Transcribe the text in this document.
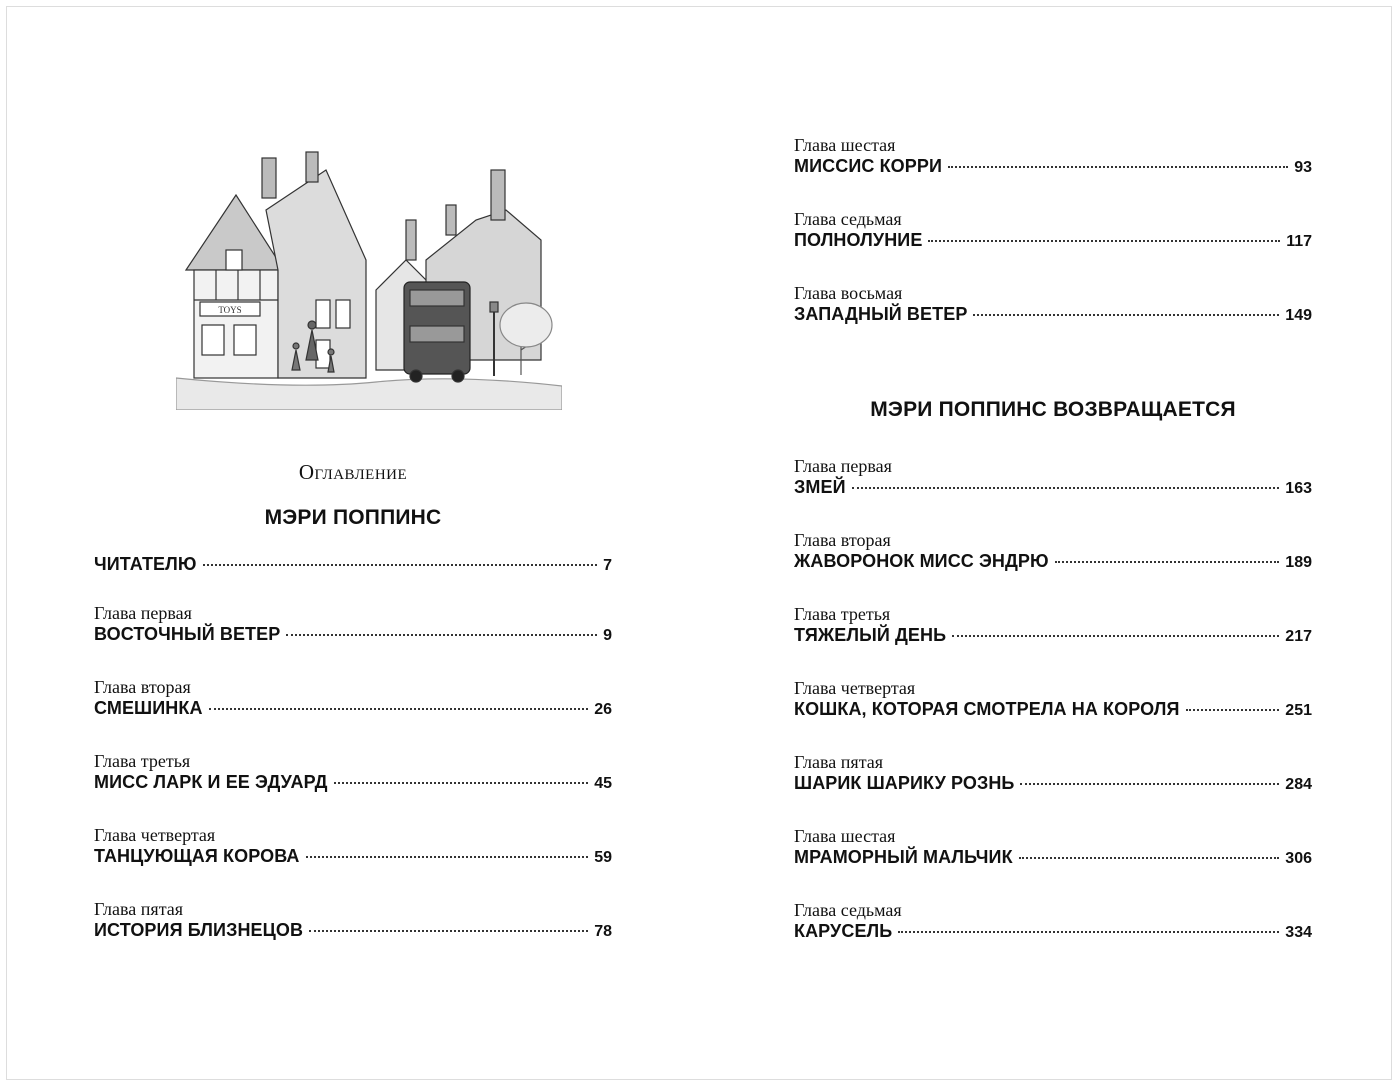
TOYS
Оглавление
МЭРИ ПОППИНС
ЧИТАТЕЛЮ	7
Глава первая
ВОСТОЧНЫЙ ВЕТЕР	9
Глава вторая
СМЕШИНКА	26
Глава третья
МИСС ЛАРК И ЕЕ ЭДУАРД	45
Глава четвертая
ТАНЦУЮЩАЯ КОРОВА	59
Глава пятая
ИСТОРИЯ БЛИЗНЕЦОВ	78
Глава шестая
МИССИС КОРРИ	93
Глава седьмая
ПОЛНОЛУНИЕ	117
Глава восьмая
ЗАПАДНЫЙ ВЕТЕР	149
МЭРИ ПОППИНС ВОЗВРАЩАЕТСЯ
Глава первая
ЗМЕЙ	163
Глава вторая
ЖАВОРОНОК МИСС ЭНДРЮ	189
Глава третья
ТЯЖЕЛЫЙ ДЕНЬ	217
Глава четвертая
КОШКА, КОТОРАЯ СМОТРЕЛА НА КОРОЛЯ	251
Глава пятая
ШАРИК ШАРИКУ РОЗНЬ	284
Глава шестая
МРАМОРНЫЙ МАЛЬЧИК	306
Глава седьмая
КАРУСЕЛЬ	334
